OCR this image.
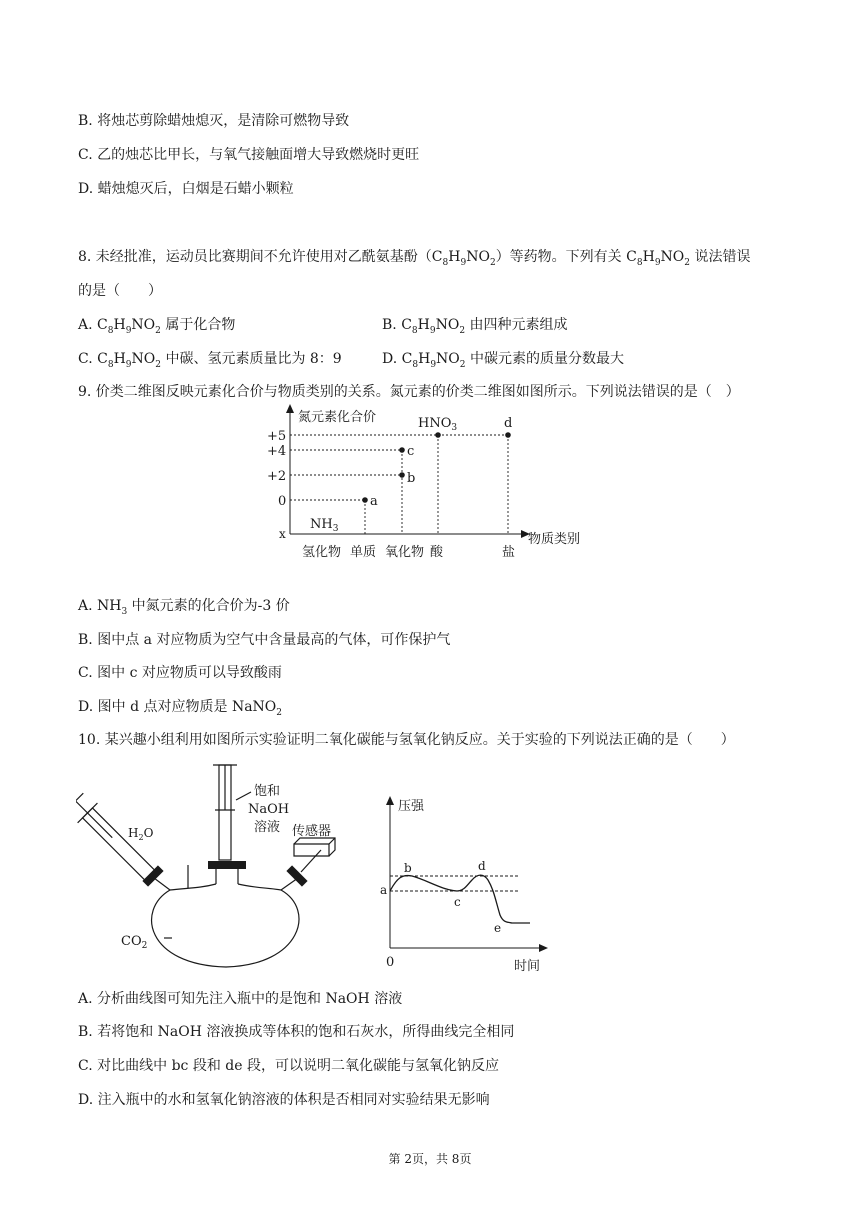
B. 将烛芯剪除蜡烛熄灭，是清除可燃物导致
C. 乙的烛芯比甲长，与氧气接触面增大导致燃烧时更旺
D. 蜡烛熄灭后，白烟是石蜡小颗粒
8. 未经批准，运动员比赛期间不允许使用对乙酰氨基酚$(C_8H_9NO_2)$等药物。下列有关 $C_8H_9NO_2$ 说法错误
的是（　　）
A. $C_8H_9NO_2$ 属于化合物	B. $C_8H_9NO_2$ 由四种元素组成
C. $C_8H_9NO_2$ 中碳、氢元素质量比为 8：9	D. $C_8H_9NO_2$ 中碳元素的质量分数最大
9. 价类二维图反映元素化合价与物质类别的关系。氮元素的价类二维图如图所示。下列说法错误的是（　）
氮元素化合价
物质类别
+5
+4
+2
0
x
氢化物 单质 氧化物 酸	盐
a
b
c
$HNO_3$	d
$NH_3$
A. $NH_3$ 中氮元素的化合价为-3 价
B. 图中点 a 对应物质为空气中含量最高的气体，可作保护气
C. 图中 c 对应物质可以导致酸雨
D. 图中 d 点对应物质是 NaNO$_2$
10. 某兴趣小组利用如图所示实验证明二氧化碳能与氢氧化钠反应。关于实验的下列说法正确的是（　　）
$H_2O$
饱和
NaOH
溶液 传感器
$CO_2$
压强
时间
0
a
b
c
d
e
A. 分析曲线图可知先注入瓶中的是饱和 NaOH 溶液
B. 若将饱和 NaOH 溶液换成等体积的饱和石灰水，所得曲线完全相同
C. 对比曲线中 bc 段和 de 段，可以说明二氧化碳能与氢氧化钠反应
D. 注入瓶中的水和氢氧化钠溶液的体积是否相同对实验结果无影响
第 2页，共 8页
